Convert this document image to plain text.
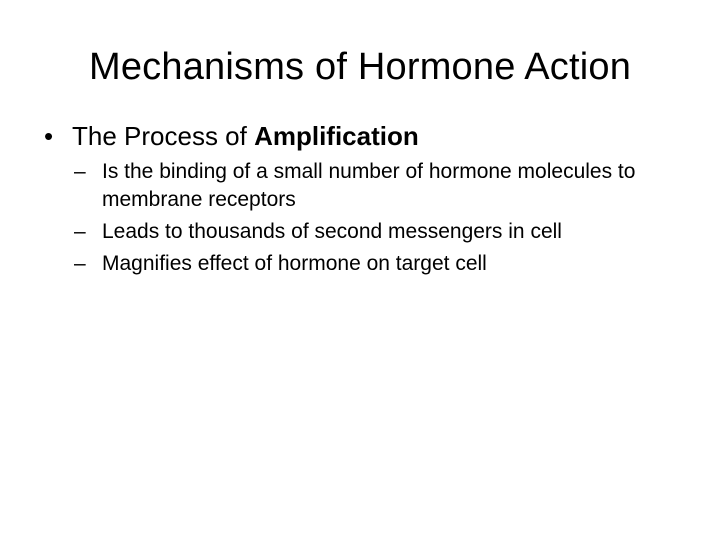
Mechanisms of Hormone Action
• The Process of Amplification
– Is the binding of a small number of hormone molecules to membrane receptors
– Leads to thousands of second messengers in cell
– Magnifies effect of hormone on target cell
